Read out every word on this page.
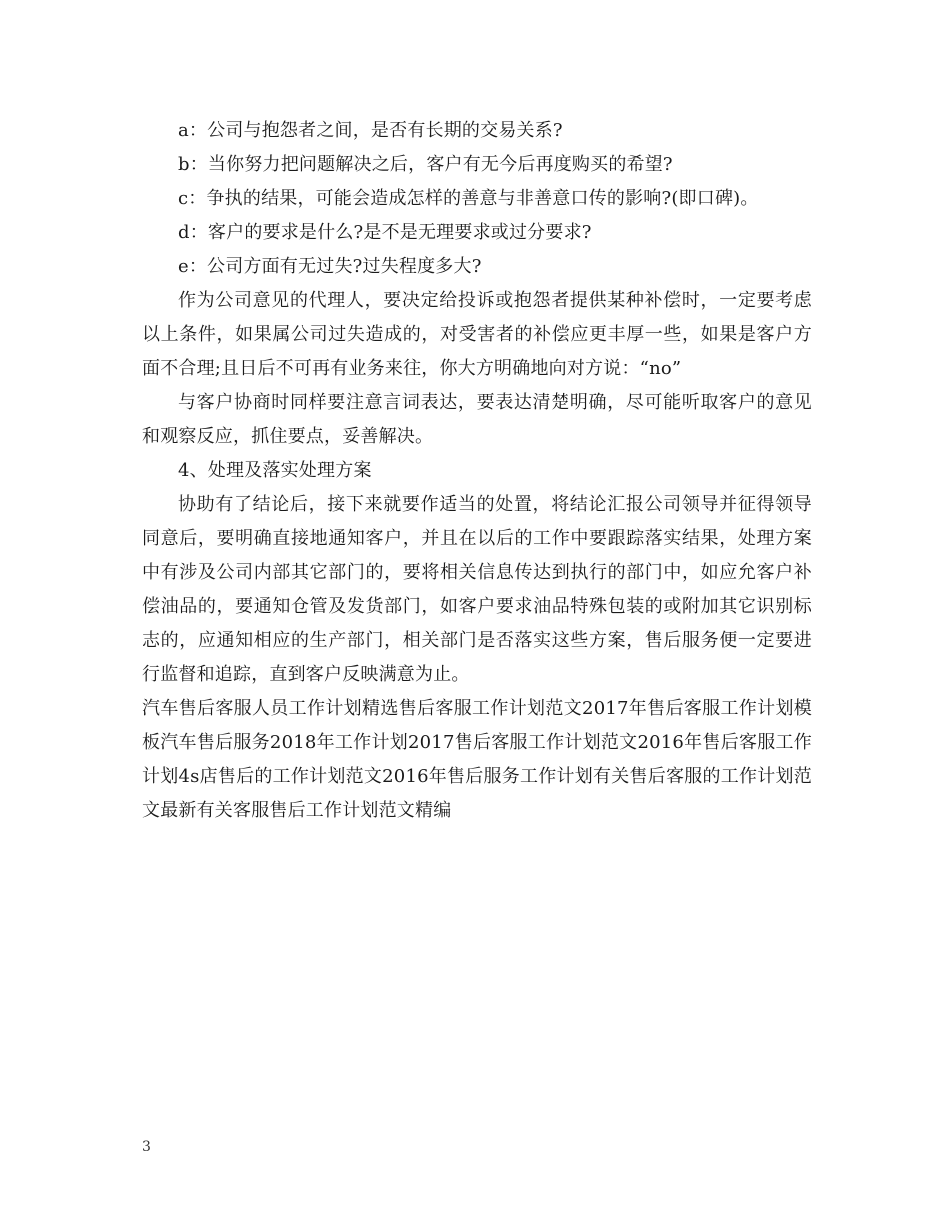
a：公司与抱怨者之间，是否有长期的交易关系?

b：当你努力把问题解决之后，客户有无今后再度购买的希望?

c：争执的结果，可能会造成怎样的善意与非善意口传的影响?(即口碑)。

d：客户的要求是什么?是不是无理要求或过分要求?

e：公司方面有无过失?过失程度多大?

作为公司意见的代理人，要决定给投诉或抱怨者提供某种补偿时，一定要考虑以上条件，如果属公司过失造成的，对受害者的补偿应更丰厚一些，如果是客户方面不合理;且日后不可再有业务来往，你大方明确地向对方说：“no”

与客户协商时同样要注意言词表达，要表达清楚明确，尽可能听取客户的意见和观察反应，抓住要点，妥善解决。

4、处理及落实处理方案

协助有了结论后，接下来就要作适当的处置，将结论汇报公司领导并征得领导同意后，要明确直接地通知客户，并且在以后的工作中要跟踪落实结果，处理方案中有涉及公司内部其它部门的，要将相关信息传达到执行的部门中，如应允客户补偿油品的，要通知仓管及发货部门，如客户要求油品特殊包装的或附加其它识别标志的，应通知相应的生产部门，相关部门是否落实这些方案，售后服务便一定要进行监督和追踪，直到客户反映满意为止。

汽车售后客服人员工作计划精选售后客服工作计划范文2017年售后客服工作计划模板汽车售后服务2018年工作计划2017售后客服工作计划范文2016年售后客服工作计划4s店售后的工作计划范文2016年售后服务工作计划有关售后客服的工作计划范文最新有关客服售后工作计划范文精编

3
